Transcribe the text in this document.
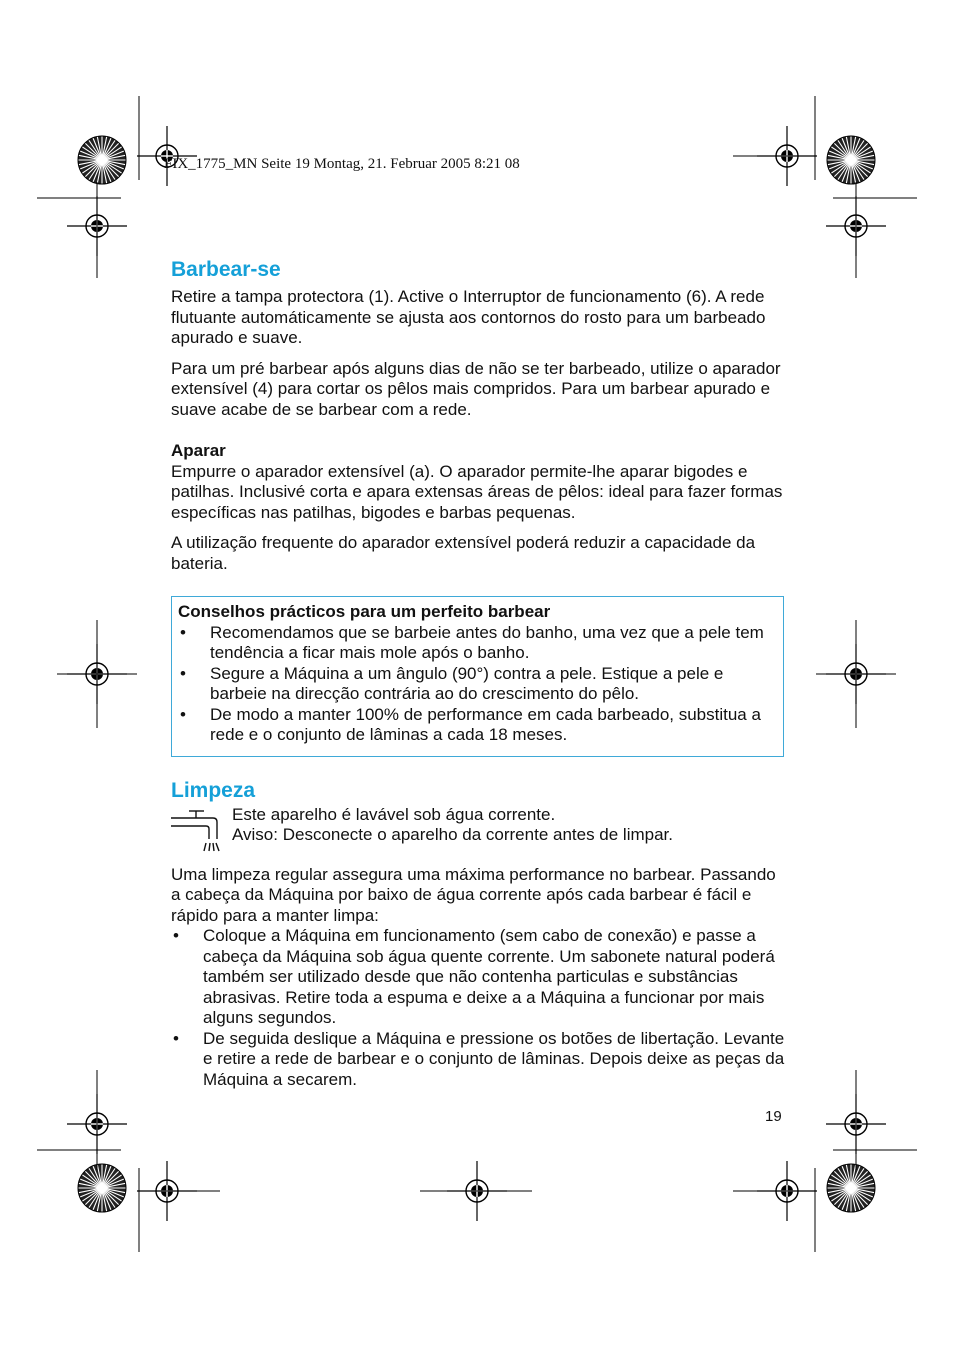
FIX_1775_MN Seite 19 Montag, 21. Februar 2005 8:21 08
Barbear-se

Retire a tampa protectora (1). Active o Interruptor de funcionamento (6). A rede flutuante automáticamente se ajusta aos contornos do rosto para um barbeado apurado e suave.

Para um pré barbear após alguns dias de não se ter barbeado, utilize o aparador extensível (4) para cortar os pêlos mais compridos. Para um barbear apurado e suave acabe de se barbear com a rede.

Aparar

Empurre o aparador extensível (a). O aparador permite-lhe aparar bigodes e patilhas. Inclusivé corta e apara extensas áreas de pêlos: ideal para fazer formas específicas nas patilhas, bigodes e barbas pequenas.

A utilização frequente do aparador extensível poderá reduzir a capacidade da bateria.

Conselhos prácticos para um perfeito barbear
• Recomendamos que se barbeie antes do banho, uma vez que a pele tem tendência a ficar mais mole após o banho.
• Segure a Máquina a um ângulo (90°) contra a pele. Estique a pele e barbeie na direcção contrária ao do crescimento do pêlo.
• De modo a manter 100% de performance em cada barbeado, substitua a rede e o conjunto de lâminas a cada 18 meses.
Limpeza

Este aparelho é lavável sob água corrente.

Aviso: Desconecte o aparelho da corrente antes de limpar.

Uma limpeza regular assegura uma máxima performance no barbear. Passando a cabeça da Máquina por baixo de água corrente após cada barbear é fácil e rápido para a manter limpa:

• Coloque a Máquina em funcionamento (sem cabo de conexão) e passe a cabeça da Máquina sob água quente corrente. Um sabonete natural poderá também ser utilizado desde que não contenha particulas e substâncias abrasivas. Retire toda a espuma e deixe a a Máquina a funcionar por mais alguns segundos.
• De seguida deslique a Máquina e pressione os botões de libertação. Levante e retire a rede de barbear e o conjunto de lâminas. Depois deixe as peças da Máquina a secarem.
19
